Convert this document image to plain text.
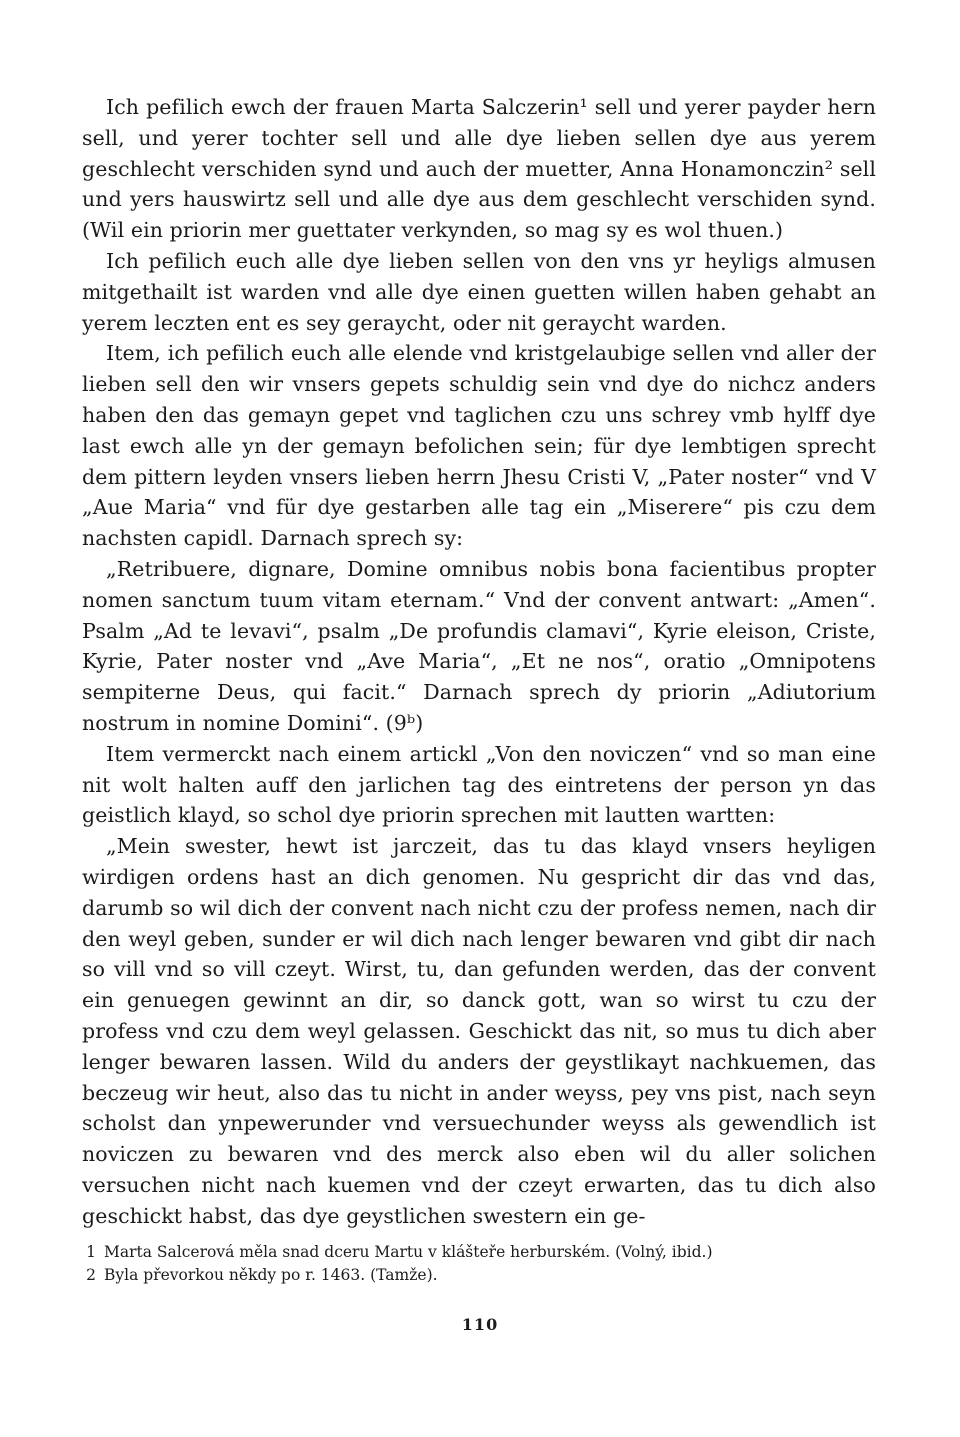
Ich pefilich ewch der frauen Marta Salczerin¹ sell und yerer payder hern sell, und yerer tochter sell und alle dye lieben sellen dye aus yerem geschlecht verschiden synd und auch der muetter, Anna Honamonczin² sell und yers hauswirtz sell und alle dye aus dem geschlecht verschiden synd. (Wil ein priorin mer guettater verkynden, so mag sy es wol thuen.)

Ich pefilich euch alle dye lieben sellen von den vns yr heyligs almusen mitgethailt ist warden vnd alle dye einen guetten willen haben gehabt an yerem leczten ent es sey geraycht, oder nit geraycht warden.

Item, ich pefilich euch alle elende vnd kristgelaubige sellen vnd aller der lieben sell den wir vnsers gepets schuldig sein vnd dye do nichcz anders haben den das gemayn gepet vnd taglichen czu uns schrey vmb hylff dye last ewch alle yn der gemayn befolichen sein; für dye lembtigen sprecht dem pittern leyden vnsers lieben herrn Jhesu Cristi V, „Pater noster“ vnd V „Aue Maria“ vnd für dye gestarben alle tag ein „Miserere“ pis czu dem nachsten capidl. Darnach sprech sy:

„Retribuere, dignare, Domine omnibus nobis bona facientibus propter nomen sanctum tuum vitam eternam.“ Vnd der convent antwart: „Amen“. Psalm „Ad te levavi“, psalm „De profundis clamavi“, Kyrie eleison, Criste, Kyrie, Pater noster vnd „Ave Maria“, „Et ne nos“, oratio „Omnipotens sempiterne Deus, qui facit.“ Darnach sprech dy priorin „Adiutorium nostrum in nomine Domini“. (9ᵇ)

Item vermerckt nach einem artickl „Von den noviczen“ vnd so man eine nit wolt halten auff den jarlichen tag des eintretens der person yn das geistlich klayd, so schol dye priorin sprechen mit lautten wartten:

„Mein swester, hewt ist jarczeit, das tu das klayd vnsers heyligen wirdigen ordens hast an dich genomen. Nu gespricht dir das vnd das, darumb so wil dich der convent nach nicht czu der profess nemen, nach dir den weyl geben, sunder er wil dich nach lenger bewaren vnd gibt dir nach so vill vnd so vill czeyt. Wirst, tu, dan gefunden werden, das der convent ein genuegen gewinnt an dir, so danck gott, wan so wirst tu czu der profess vnd czu dem weyl gelassen. Geschickt das nit, so mus tu dich aber lenger bewaren lassen. Wild du anders der geystlikayt nachkuemen, das beczeug wir heut, also das tu nicht in ander weyss, pey vns pist, nach seyn scholst dan ynpewerunder vnd versuechunder weyss als gewendlich ist noviczen zu bewaren vnd des merck also eben wil du aller solichen versuchen nicht nach kuemen vnd der czeyt erwarten, das tu dich also geschickt habst, das dye geystlichen swestern ein ge-

1 Marta Salcerová měla snad dceru Martu v klášteře herburském. (Volný, ibid.)

2 Byla převorkou někdy po r. 1463. (Tamže).

110
